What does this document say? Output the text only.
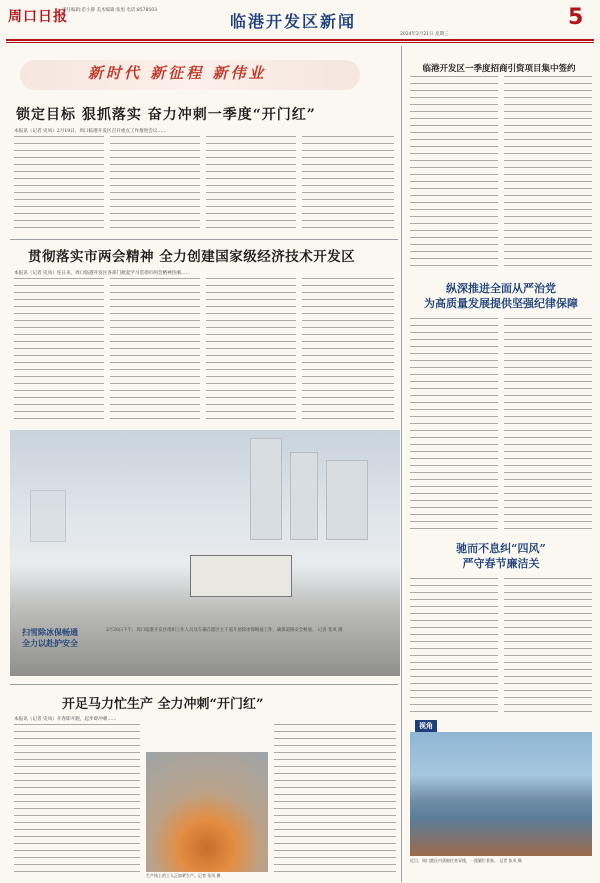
周口日报
责任编辑:范小静 美术编辑:张旭 电话:8578503
临港开发区新闻	5
2024年2月21日 星期三
新时代 新征程 新伟业
锁定目标 狠抓落实 奋力冲刺一季度“开门红”
本报讯（记者 史凤）2月19日，周口临港开发区召开重点工作推进会议……
贯彻落实市两会精神 全力创建国家级经济技术开发区
本报讯（记者 史凤）连日来，周口临港开发区各部门掀起学习贯彻市两会精神热潮……
扫雪除冰保畅通
全力以赴护安全
2月20日下午，周口临港开发区组织工作人员及车辆在辖区主干道开展除冰保畅通工作，确保道路安全畅通。 记者 张凤 摄
开足马力忙生产 全力冲刺“开门红”
本报讯（记者 史凤）开春即开跑，起步即冲刺……
生产线上的工人正加紧生产。记者 张凤 摄
临港开发区一季度招商引资项目集中签约
纵深推进全面从严治党
为高质量发展提供坚强纪律保障
驰而不息纠“四风”
严守春节廉洁关
视角
近日，周口港区内货船往来穿梭，一派繁忙景象。 记者 张凤 摄
